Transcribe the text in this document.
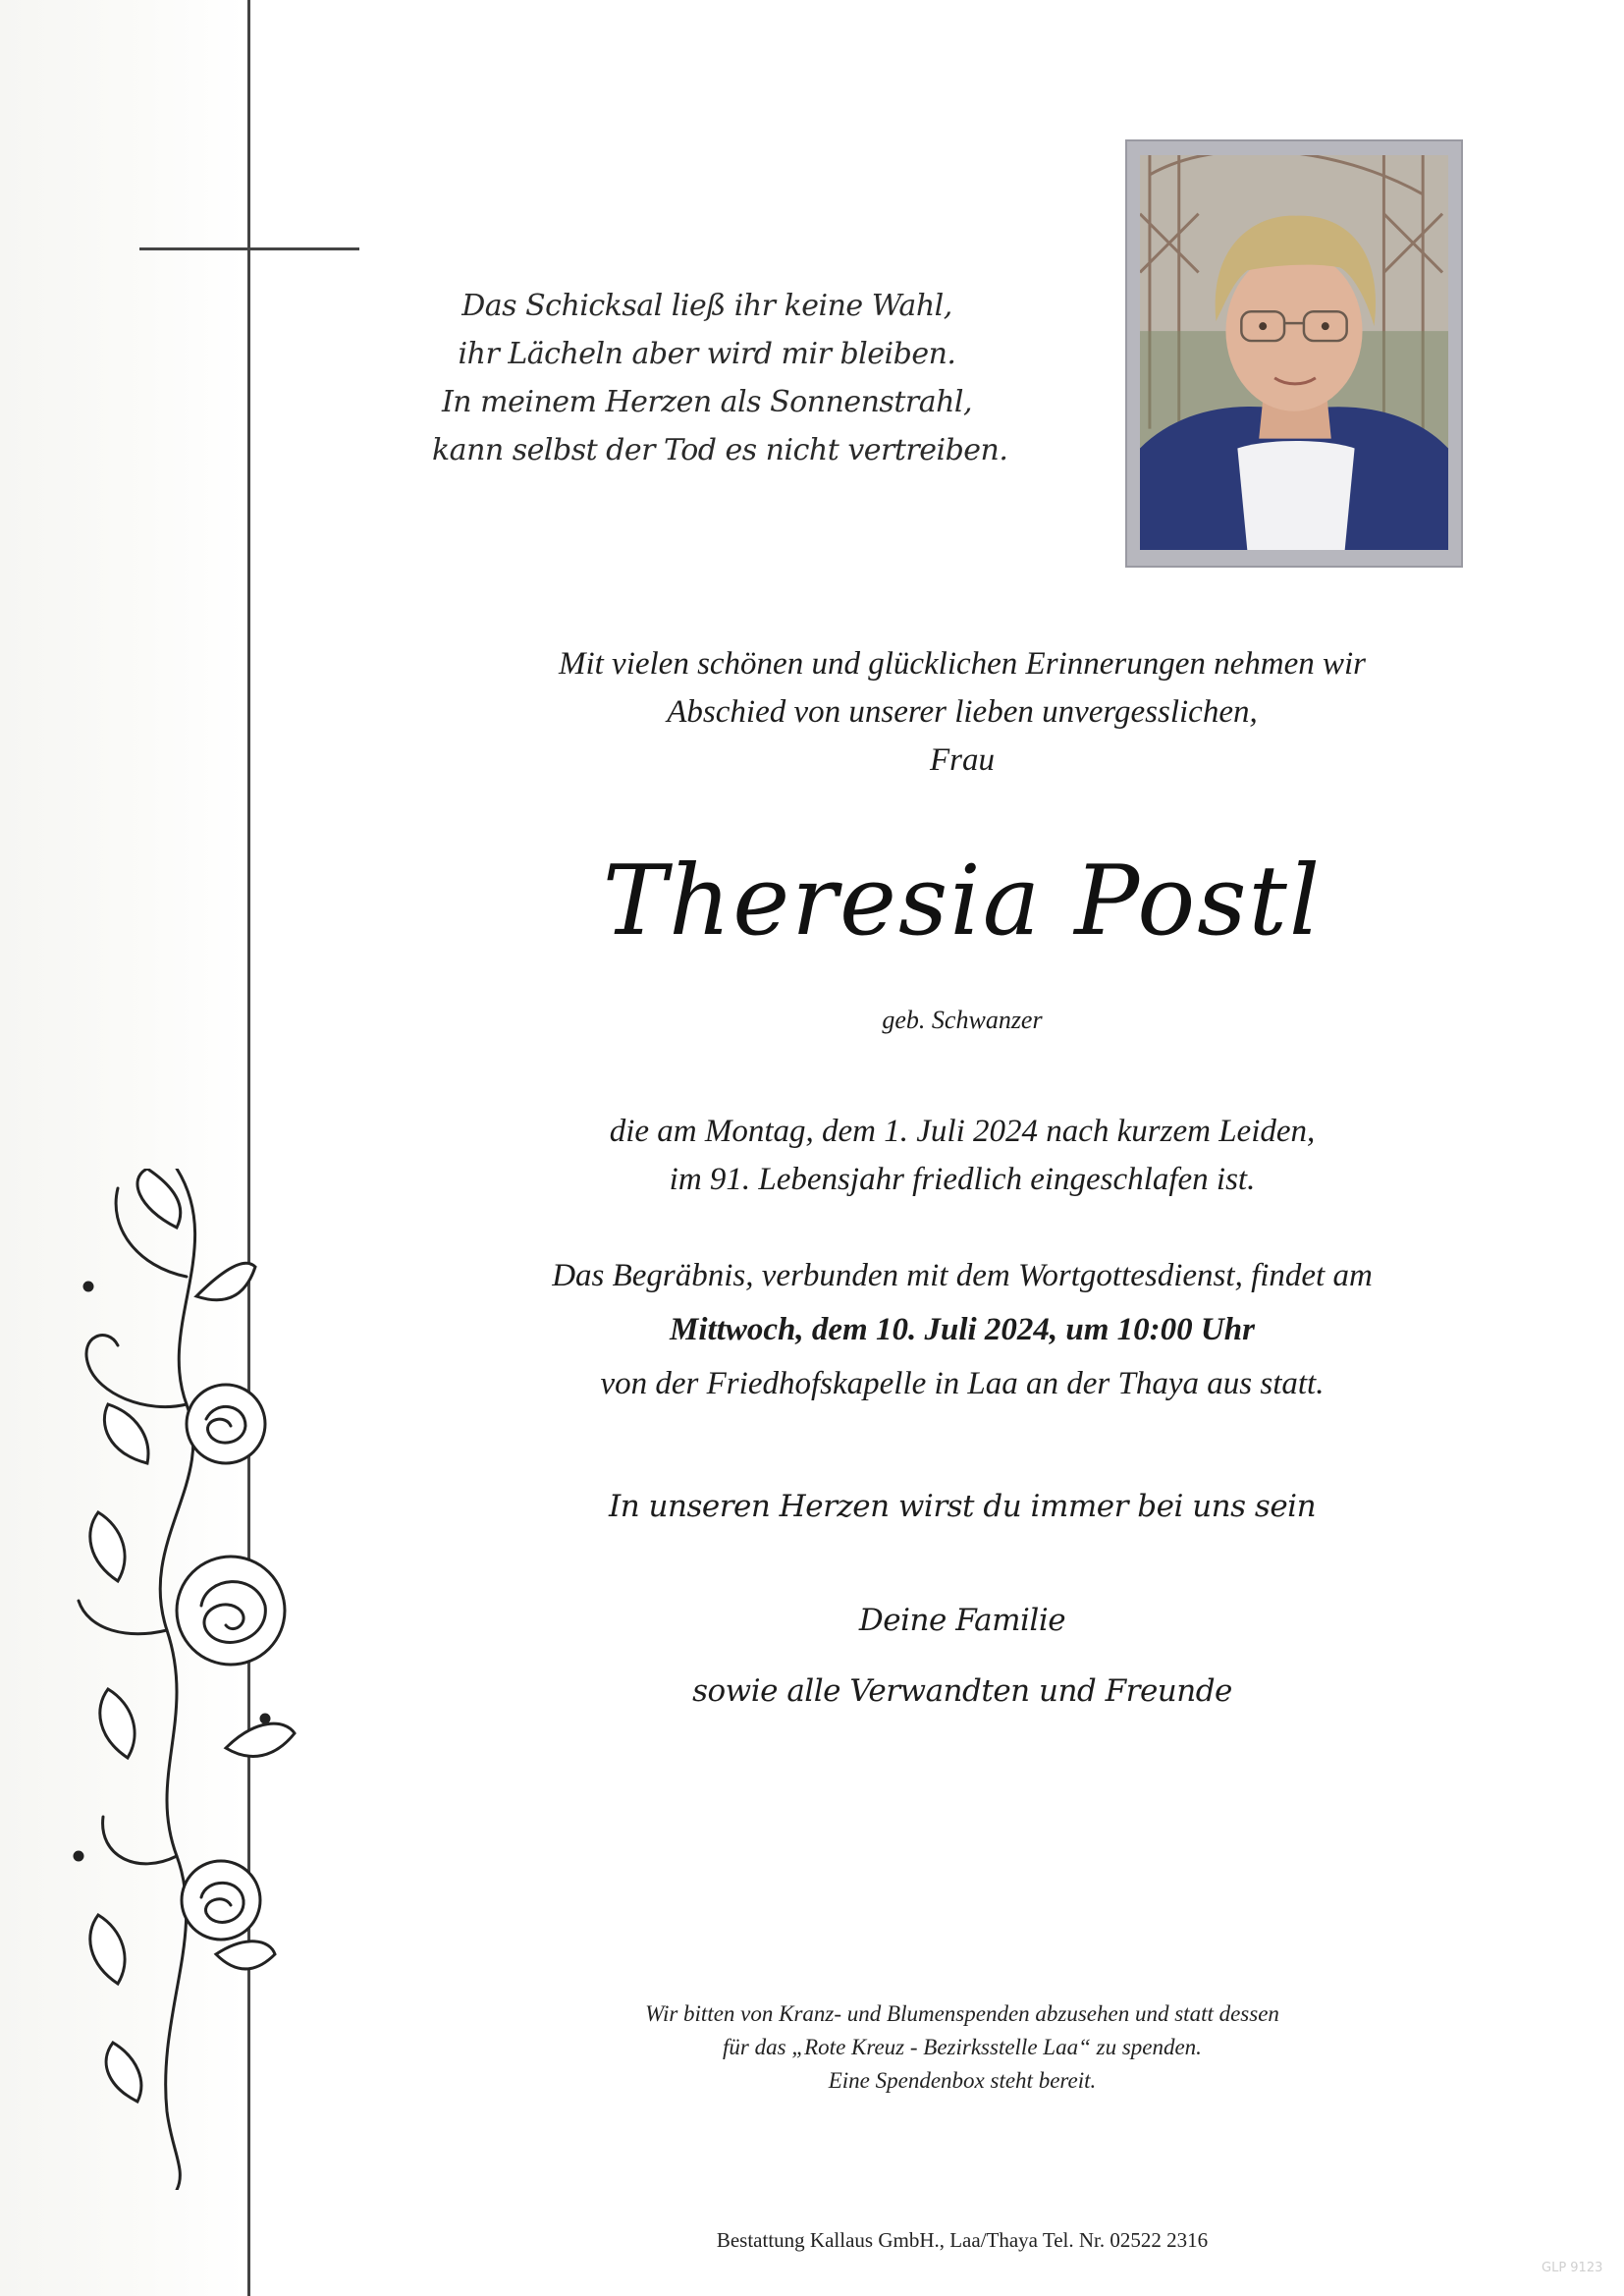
Das Schicksal ließ ihr keine Wahl,
ihr Lächeln aber wird mir bleiben.
In meinem Herzen als Sonnenstrahl,
kann selbst der Tod es nicht vertreiben.
Mit vielen schönen und glücklichen Erinnerungen nehmen wir
Abschied von unserer lieben unvergesslichen,
Frau
Theresia Postl
geb. Schwanzer
die am Montag, dem 1. Juli 2024 nach kurzem Leiden,
im 91. Lebensjahr friedlich eingeschlafen ist.
Das Begräbnis, verbunden mit dem Wortgottesdienst, findet am
Mittwoch, dem 10. Juli 2024, um 10:00 Uhr
von der Friedhofskapelle in Laa an der Thaya aus statt.
In unseren Herzen wirst du immer bei uns sein
Deine Familie
sowie alle Verwandten und Freunde
Wir bitten von Kranz- und Blumenspenden abzusehen und statt dessen
für das „Rote Kreuz - Bezirksstelle Laa“ zu spenden.
Eine Spendenbox steht bereit.
Bestattung Kallaus GmbH., Laa/Thaya Tel. Nr. 02522 2316
GLP 9123
